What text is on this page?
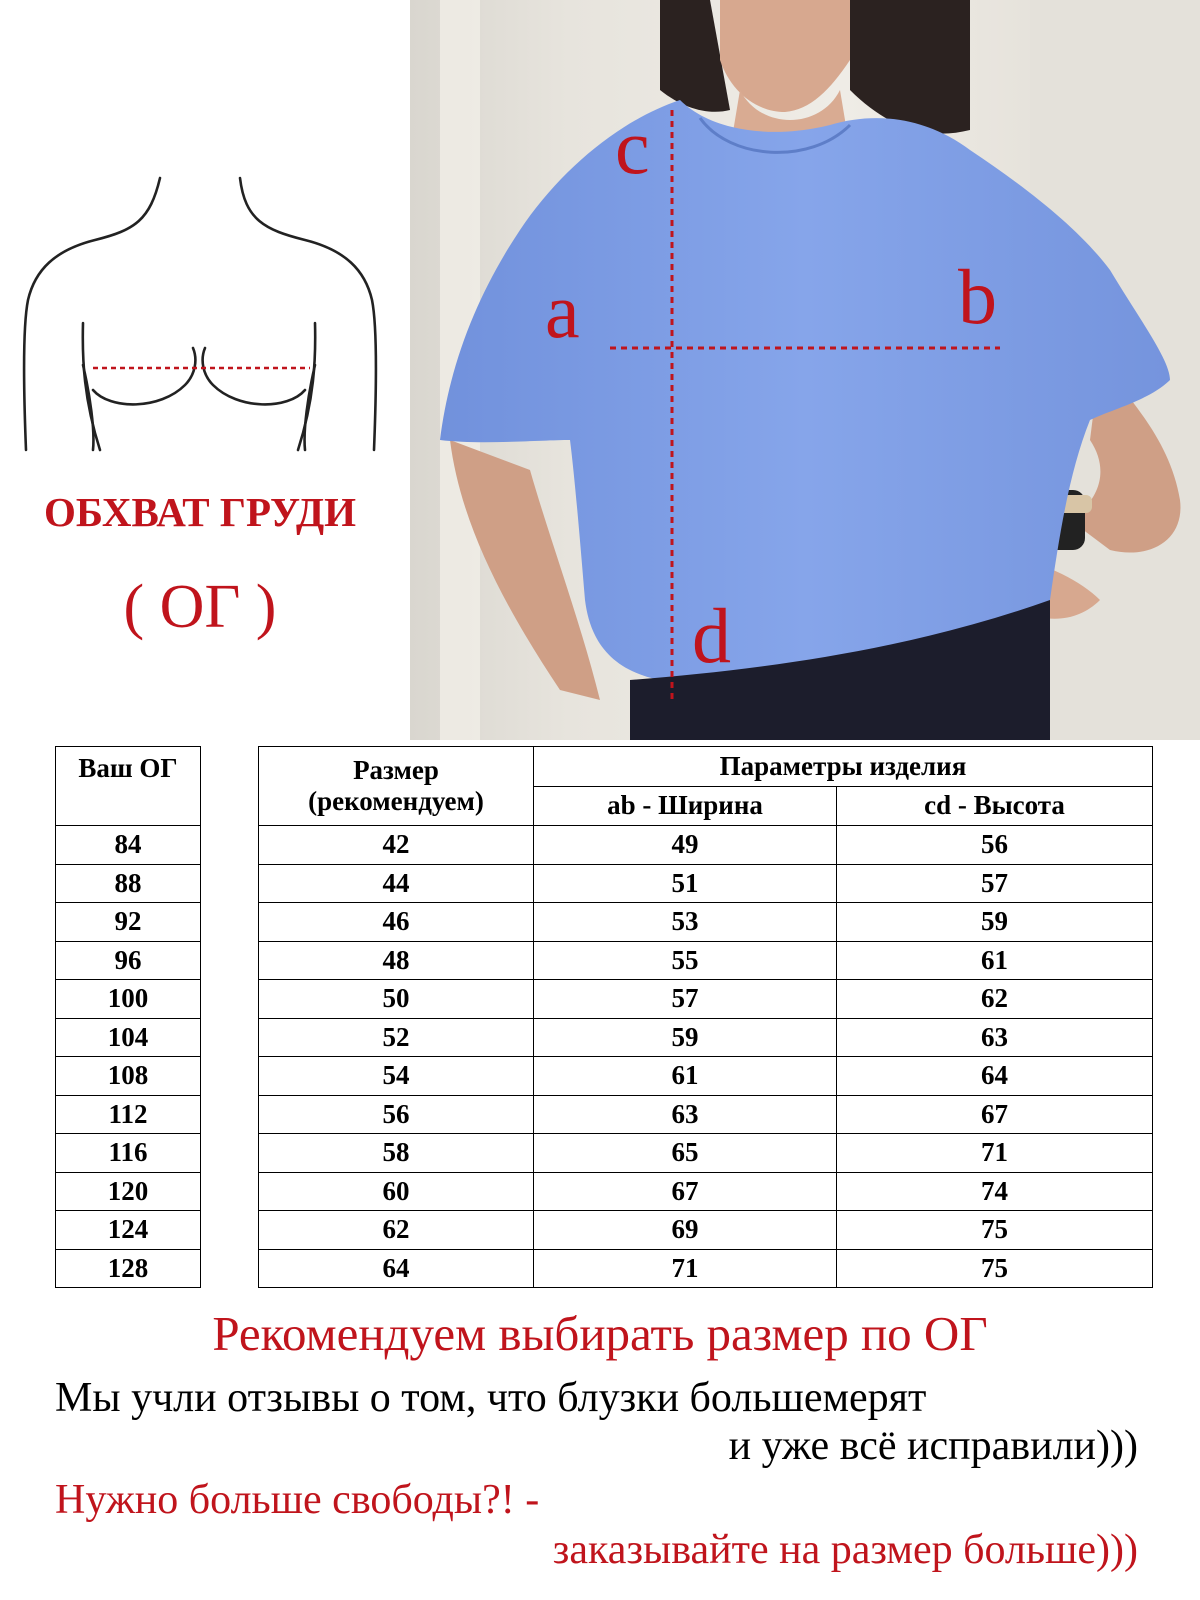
ОБХВАТ ГРУДИ
( ОГ )
c
a	b
d
Ваш ОГ
84
88
92
96
100
104
108
112
116
120
124
128
Размер
(рекомендуем)	Параметры изделия	
	ab - Ширина	cd - Высота
42	49	56
44	51	57
46	53	59
48	55	61
50	57	62
52	59	63
54	61	64
56	63	67
58	65	71
60	67	74
62	69	75
64	71	75
Рекомендуем выбирать размер по ОГ
Мы учли отзывы о том, что блузки большемерят
и уже всё исправили)))
Нужно больше свободы?! -
заказывайте на размер больше)))
